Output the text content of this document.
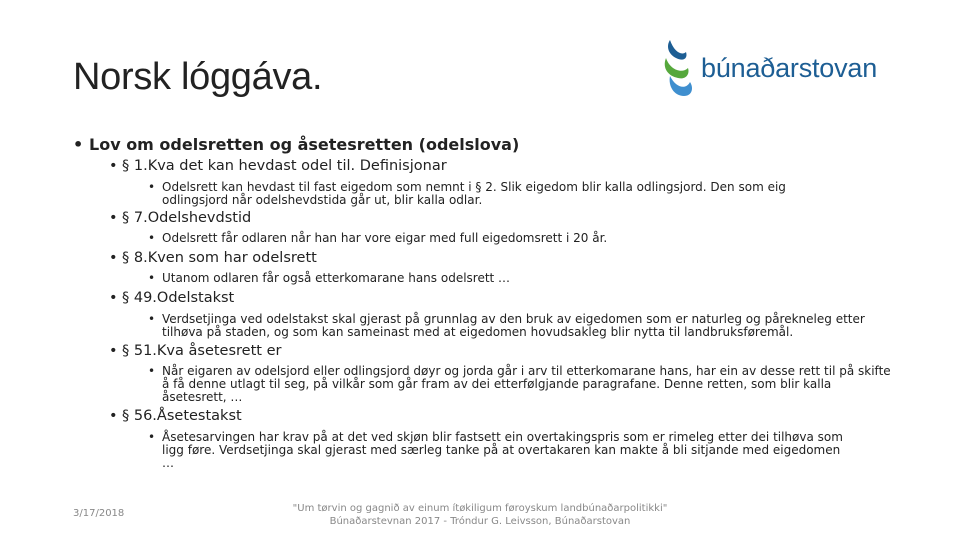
Norsk lóggáva.	búnaðarstovan
• Lov om odelsretten og åsetesretten (odelslova)
• § 1.Kva det kan hevdast odel til. Definisjonar
• Odelsrett kan hevdast til fast eigedom som nemnt i § 2. Slik eigedom blir kalla odlingsjord. Den som eig odlingsjord når odelshevdstida går ut, blir kalla odlar.
• § 7.Odelshevdstid
• Odelsrett får odlaren når han har vore eigar med full eigedomsrett i 20 år.
• § 8.Kven som har odelsrett
• Utanom odlaren får også etterkomarane hans odelsrett …
• § 49.Odelstakst
• Verdsetjinga ved odelstakst skal gjerast på grunnlag av den bruk av eigedomen som er naturleg og pårekneleg etter tilhøva på staden, og som kan sameinast med at eigedomen hovudsakleg blir nytta til landbruksføremål.
• § 51.Kva åsetesrett er
• Når eigaren av odelsjord eller odlingsjord døyr og jorda går i arv til etterkomarane hans, har ein av desse rett til på skifte å få denne utlagt til seg, på vilkår som går fram av dei etterfølgjande paragrafane. Denne retten, som blir kalla åsetesrett, …
• § 56.Åsetestakst
• Åsetesarvingen har krav på at det ved skjøn blir fastsett ein overtakingspris som er rimeleg etter dei tilhøva som ligg føre. Verdsetjinga skal gjerast med særleg tanke på at overtakaren kan makte å bli sitjande med eigedomen …
3/17/2018	"Um tørvin og gagnið av einum ítøkiligum føroyskum landbúnaðarpolitikki"
Búnaðarstevnan 2017 - Tróndur G. Leivsson, Búnaðarstovan
